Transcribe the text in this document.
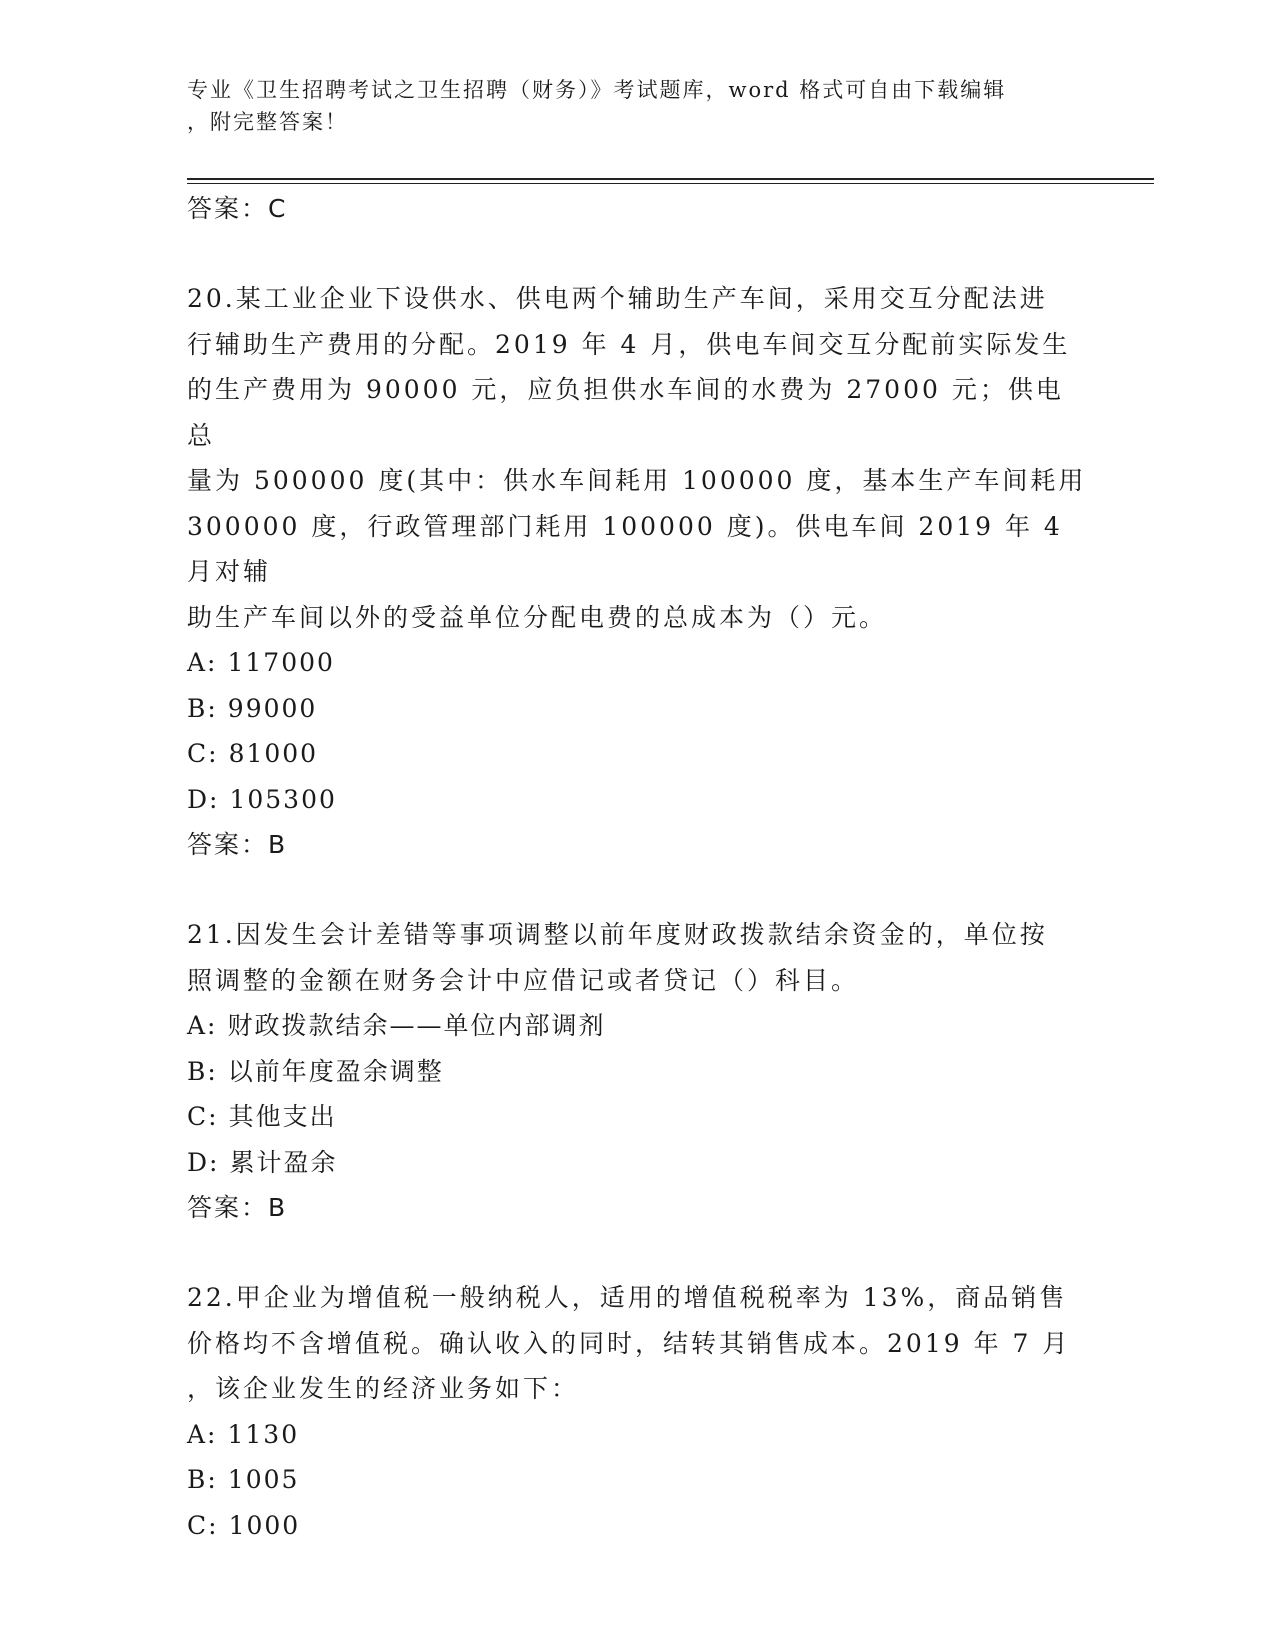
专业《卫生招聘考试之卫生招聘（财务）》考试题库，word 格式可自由下载编辑
，附完整答案！
答案：C
20.某工业企业下设供水、供电两个辅助生产车间，采用交互分配法进
行辅助生产费用的分配。2019 年 4 月，供电车间交互分配前实际发生
的生产费用为 90000 元，应负担供水车间的水费为 27000 元；供电总
量为 500000 度(其中：供水车间耗用 100000 度，基本生产车间耗用
300000 度，行政管理部门耗用 100000 度)。供电车间 2019 年 4 月对辅
助生产车间以外的受益单位分配电费的总成本为（）元。
A: 117000
B: 99000
C: 81000
D: 105300
答案：B
21.因发生会计差错等事项调整以前年度财政拨款结余资金的，单位按
照调整的金额在财务会计中应借记或者贷记（）科目。
A: 财政拨款结余——单位内部调剂
B: 以前年度盈余调整
C: 其他支出
D: 累计盈余
答案：B
22.甲企业为增值税一般纳税人，适用的增值税税率为 13%，商品销售
价格均不含增值税。确认收入的同时，结转其销售成本。2019 年 7 月
，该企业发生的经济业务如下：
A: 1130
B: 1005
C: 1000
